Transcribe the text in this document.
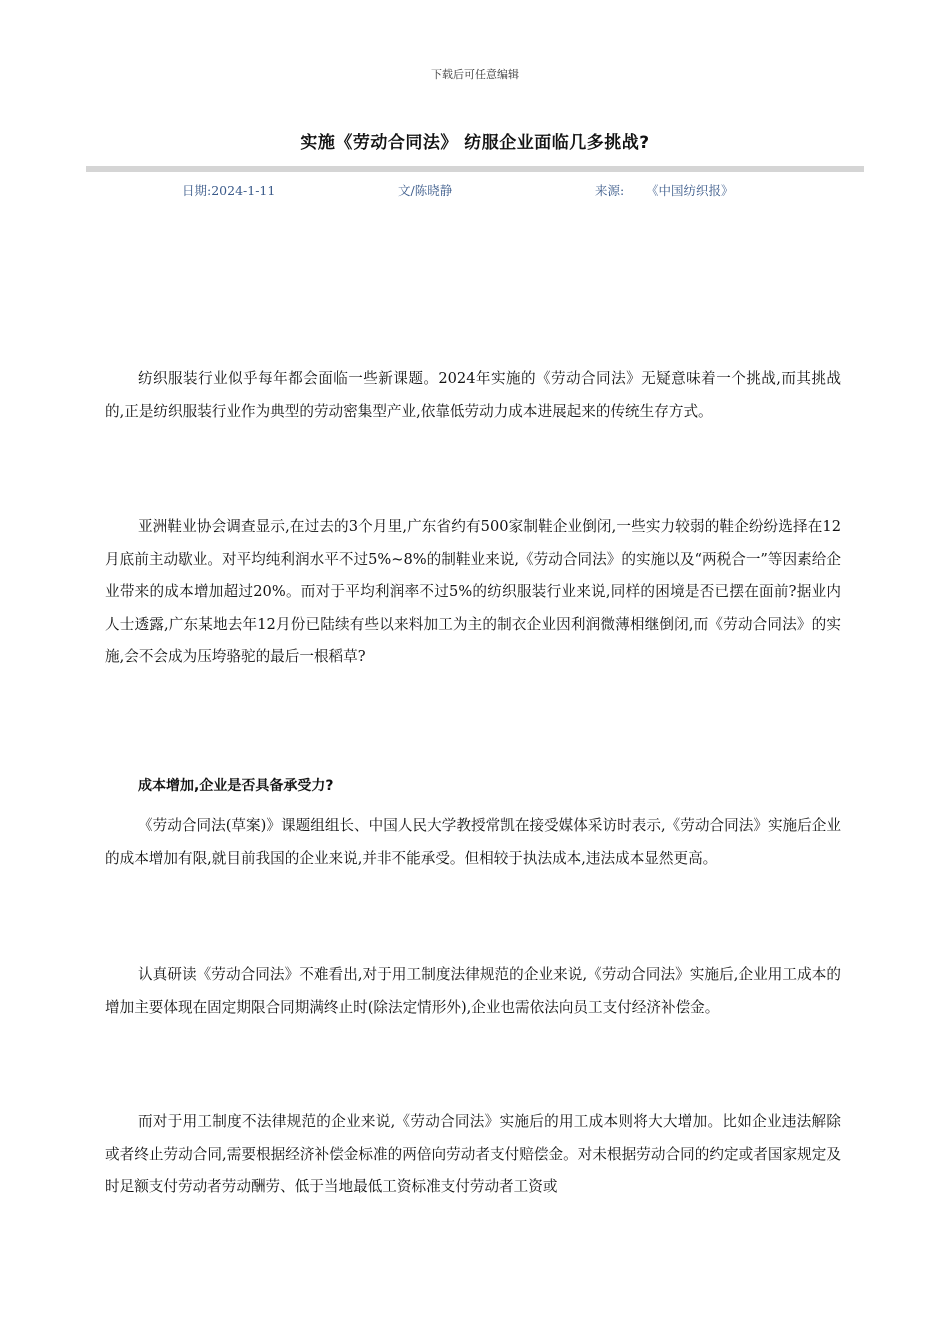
下载后可任意编辑
实施《劳动合同法》 纺服企业面临几多挑战?
日期:2024-1-11	文/陈晓静	来源: 《中国纺织报》

纺织服装行业似乎每年都会面临一些新课题。2024年实施的《劳动合同法》无疑意味着一个挑战,而其挑战的,正是纺织服装行业作为典型的劳动密集型产业,依靠低劳动力成本进展起来的传统生存方式。

亚洲鞋业协会调查显示,在过去的3个月里,广东省约有500家制鞋企业倒闭,一些实力较弱的鞋企纷纷选择在12月底前主动歇业。对平均纯利润水平不过5%~8%的制鞋业来说,《劳动合同法》的实施以及“两税合一”等因素给企业带来的成本增加超过20%。而对于平均利润率不过5%的纺织服装行业来说,同样的困境是否已摆在面前?据业内人士透露,广东某地去年12月份已陆续有些以来料加工为主的制衣企业因利润微薄相继倒闭,而《劳动合同法》的实施,会不会成为压垮骆驼的最后一根稻草?

成本增加,企业是否具备承受力?

《劳动合同法(草案)》课题组组长、中国人民大学教授常凯在接受媒体采访时表示,《劳动合同法》实施后企业的成本增加有限,就目前我国的企业来说,并非不能承受。但相较于执法成本,违法成本显然更高。

认真研读《劳动合同法》不难看出,对于用工制度法律规范的企业来说,《劳动合同法》实施后,企业用工成本的增加主要体现在固定期限合同期满终止时(除法定情形外),企业也需依法向员工支付经济补偿金。

而对于用工制度不法律规范的企业来说,《劳动合同法》实施后的用工成本则将大大增加。比如企业违法解除或者终止劳动合同,需要根据经济补偿金标准的两倍向劳动者支付赔偿金。对未根据劳动合同的约定或者国家规定及时足额支付劳动者劳动酬劳、低于当地最低工资标准支付劳动者工资或
